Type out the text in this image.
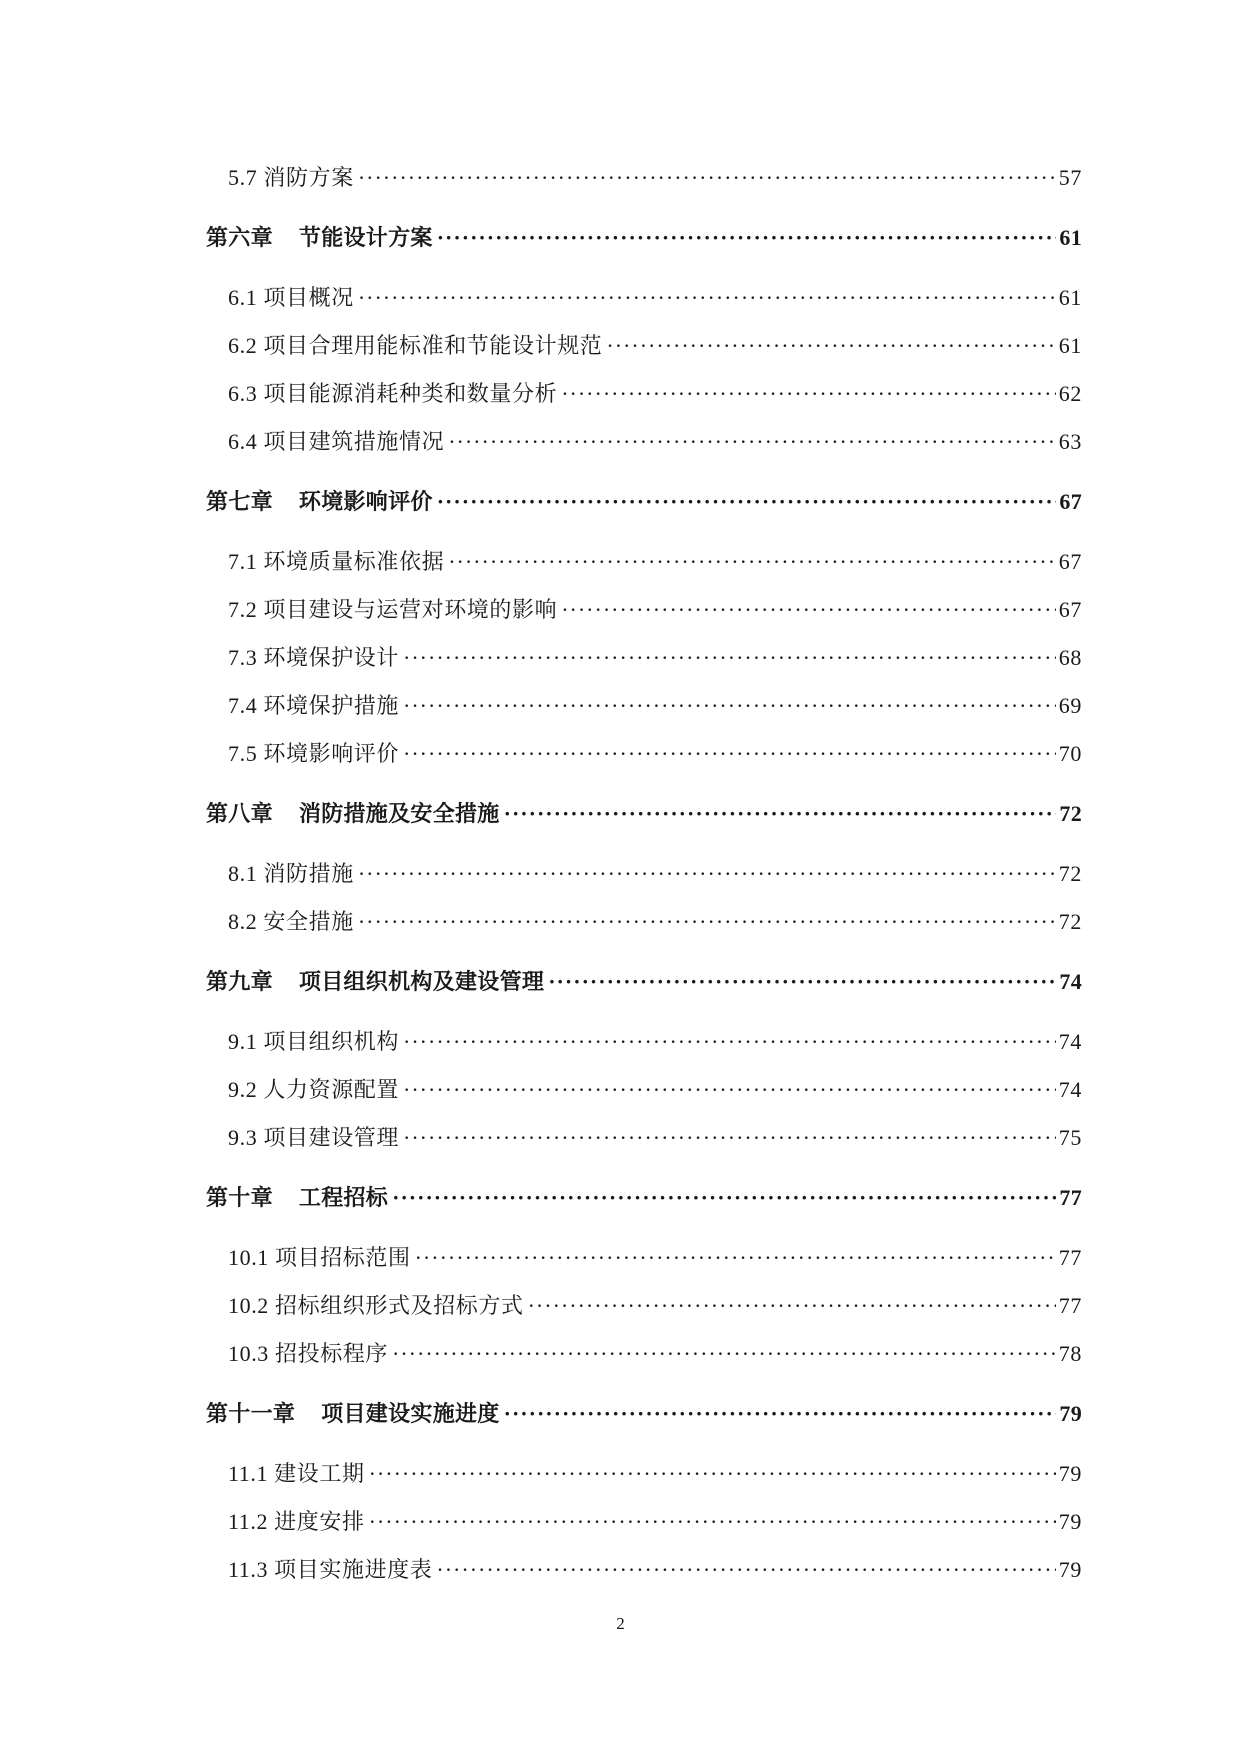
5.7 消防方案 ·····	57
第六章 节能设计方案 ·····	61
6.1 项目概况 ·····	61
6.2 项目合理用能标准和节能设计规范 ·····	61
6.3 项目能源消耗种类和数量分析 ·····	62
6.4 项目建筑措施情况 ·····	63
第七章 环境影响评价 ·····	67
7.1 环境质量标准依据 ·····	67
7.2 项目建设与运营对环境的影响 ·····	67
7.3 环境保护设计 ·····	68
7.4 环境保护措施 ·····	69
7.5 环境影响评价 ·····	70
第八章 消防措施及安全措施 ·····	72
8.1 消防措施 ·····	72
8.2 安全措施 ·····	72
第九章 项目组织机构及建设管理 ·····	74
9.1 项目组织机构 ·····	74
9.2 人力资源配置 ·····	74
9.3 项目建设管理 ·····	75
第十章 工程招标 ·····	77
10.1 项目招标范围 ·····	77
10.2 招标组织形式及招标方式 ·····	77
10.3 招投标程序 ·····	78
第十一章 项目建设实施进度 ·····	79
11.1 建设工期 ·····	79
11.2 进度安排 ·····	79
11.3 项目实施进度表 ·····	79
2
